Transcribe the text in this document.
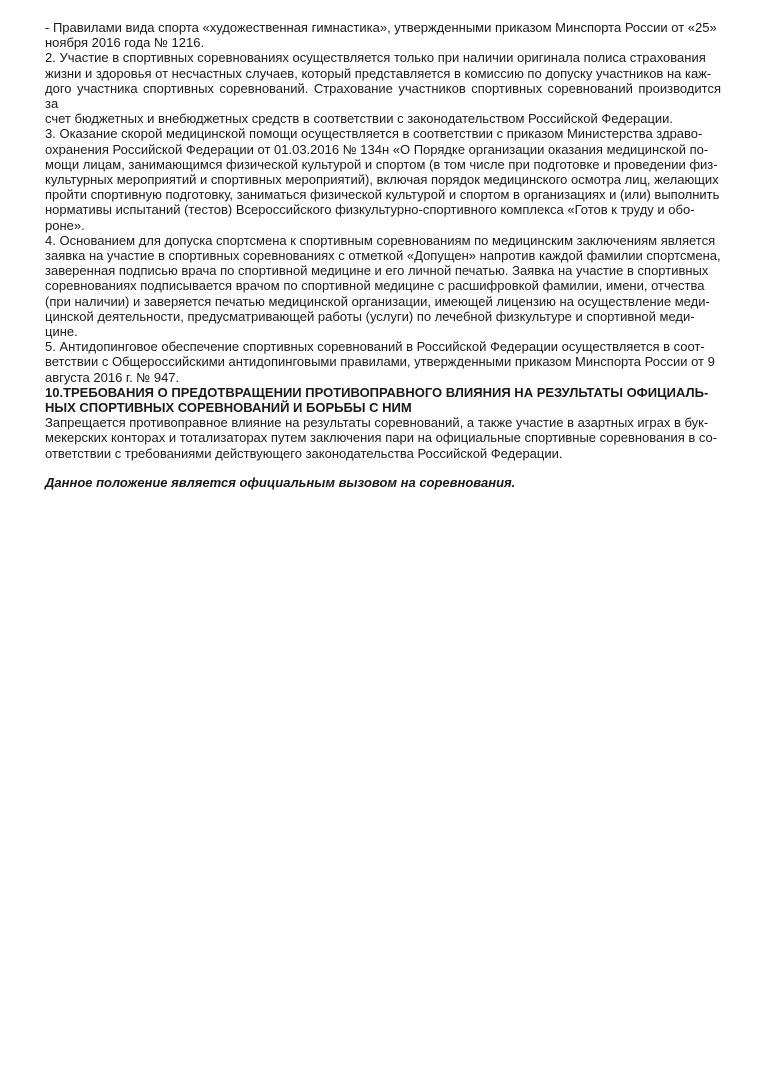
- Правилами вида спорта «художественная гимнастика», утвержденными приказом Минспорта России от «25»
ноября 2016 года № 1216.

2. Участие в спортивных соревнованиях осуществляется только при наличии оригинала полиса страхования
жизни и здоровья от несчастных случаев, который представляется в комиссию по допуску участников на каж-
дого участника спортивных соревнований. Страхование участников спортивных соревнований производится за
счет бюджетных и внебюджетных средств в соответствии с законодательством Российской Федерации.

3. Оказание скорой медицинской помощи осуществляется в соответствии с приказом Министерства здраво-
охранения Российской Федерации от 01.03.2016 № 134н «О Порядке организации оказания медицинской по-
мощи лицам, занимающимся физической культурой и спортом (в том числе при подготовке и проведении физ-
культурных мероприятий и спортивных мероприятий), включая порядок медицинского осмотра лиц, желающих
пройти спортивную подготовку, заниматься физической культурой и спортом в организациях и (или) выполнить
нормативы испытаний (тестов) Всероссийского физкультурно-спортивного комплекса «Готов к труду и обо-
роне».

4. Основанием для допуска спортсмена к спортивным соревнованиям по медицинским заключениям является
заявка на участие в спортивных соревнованиях с отметкой «Допущен» напротив каждой фамилии спортсмена,
заверенная подписью врача по спортивной медицине и его личной печатью. Заявка на участие в спортивных
соревнованиях подписывается врачом по спортивной медицине с расшифровкой фамилии, имени, отчества
(при наличии) и заверяется печатью медицинской организации, имеющей лицензию на осуществление меди-
цинской деятельности, предусматривающей работы (услуги) по лечебной физкультуре и спортивной меди-
цине.

5. Антидопинговое обеспечение спортивных соревнований в Российской Федерации осуществляется в соот-
ветствии с Общероссийскими антидопинговыми правилами, утвержденными приказом Минспорта России от 9
августа 2016 г. № 947.

10.ТРЕБОВАНИЯ О ПРЕДОТВРАЩЕНИИ ПРОТИВОПРАВНОГО ВЛИЯНИЯ НА РЕЗУЛЬТАТЫ ОФИЦИАЛЬ-
НЫХ СПОРТИВНЫХ СОРЕВНОВАНИЙ И БОРЬБЫ С НИМ

Запрещается противоправное влияние на результаты соревнований, а также участие в азартных играх в бук-
мекерских конторах и тотализаторах путем заключения пари на официальные спортивные соревнования в со-
ответствии с требованиями действующего законодательства Российской Федерации.

Данное положение является официальным вызовом на соревнования.
